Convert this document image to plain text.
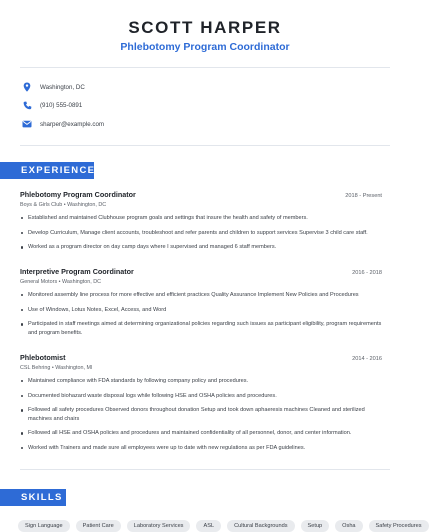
SCOTT HARPER
Phlebotomy Program Coordinator
Washington, DC
(910) 555-0891
sharper@example.com
EXPERIENCE
Phlebotomy Program Coordinator	2018 - Present
Boys & Girls Club • Washington, DC
Established and maintained Clubhouse program goals and settings that insure the health and safety of members.
Develop Curriculum, Manage client accounts, troubleshoot and refer parents and children to support services Supervise 3 child care staff.
Worked as a program director on day camp days where I supervised and managed 6 staff members.
Interpretive Program Coordinator	2016 - 2018
General Motors • Washington, DC
Monitored assembly line process for more effective and efficient practices Quality Assurance Implement New Policies and Procedures
Use of Windows, Lotus Notes, Excel, Access, and Word
Participated in staff meetings aimed at determining organizational policies regarding such issues as participant eligibility, program requirements and program benefits.
Phlebotomist	2014 - 2016
CSL Behring • Washington, MI
Maintained compliance with FDA standards by following company policy and procedures.
Documented biohazard waste disposal logs while following HSE and OSHA policies and procedures.
Followed all safety procedures Observed donors throughout donation Setup and took down aphaeresis machines Cleaned and sterilized machines and chairs
Followed all HSE and OSHA policies and procedures and maintained confidentiality of all personnel, donor, and center information.
Worked with Trainers and made sure all employees were up to date with new regulations as per FDA guidelines.
SKILLS
Sign Language	Patient Care	Laboratory Services	ASL	Cultural Backgrounds	Setup	Osha	Safety Procedures
